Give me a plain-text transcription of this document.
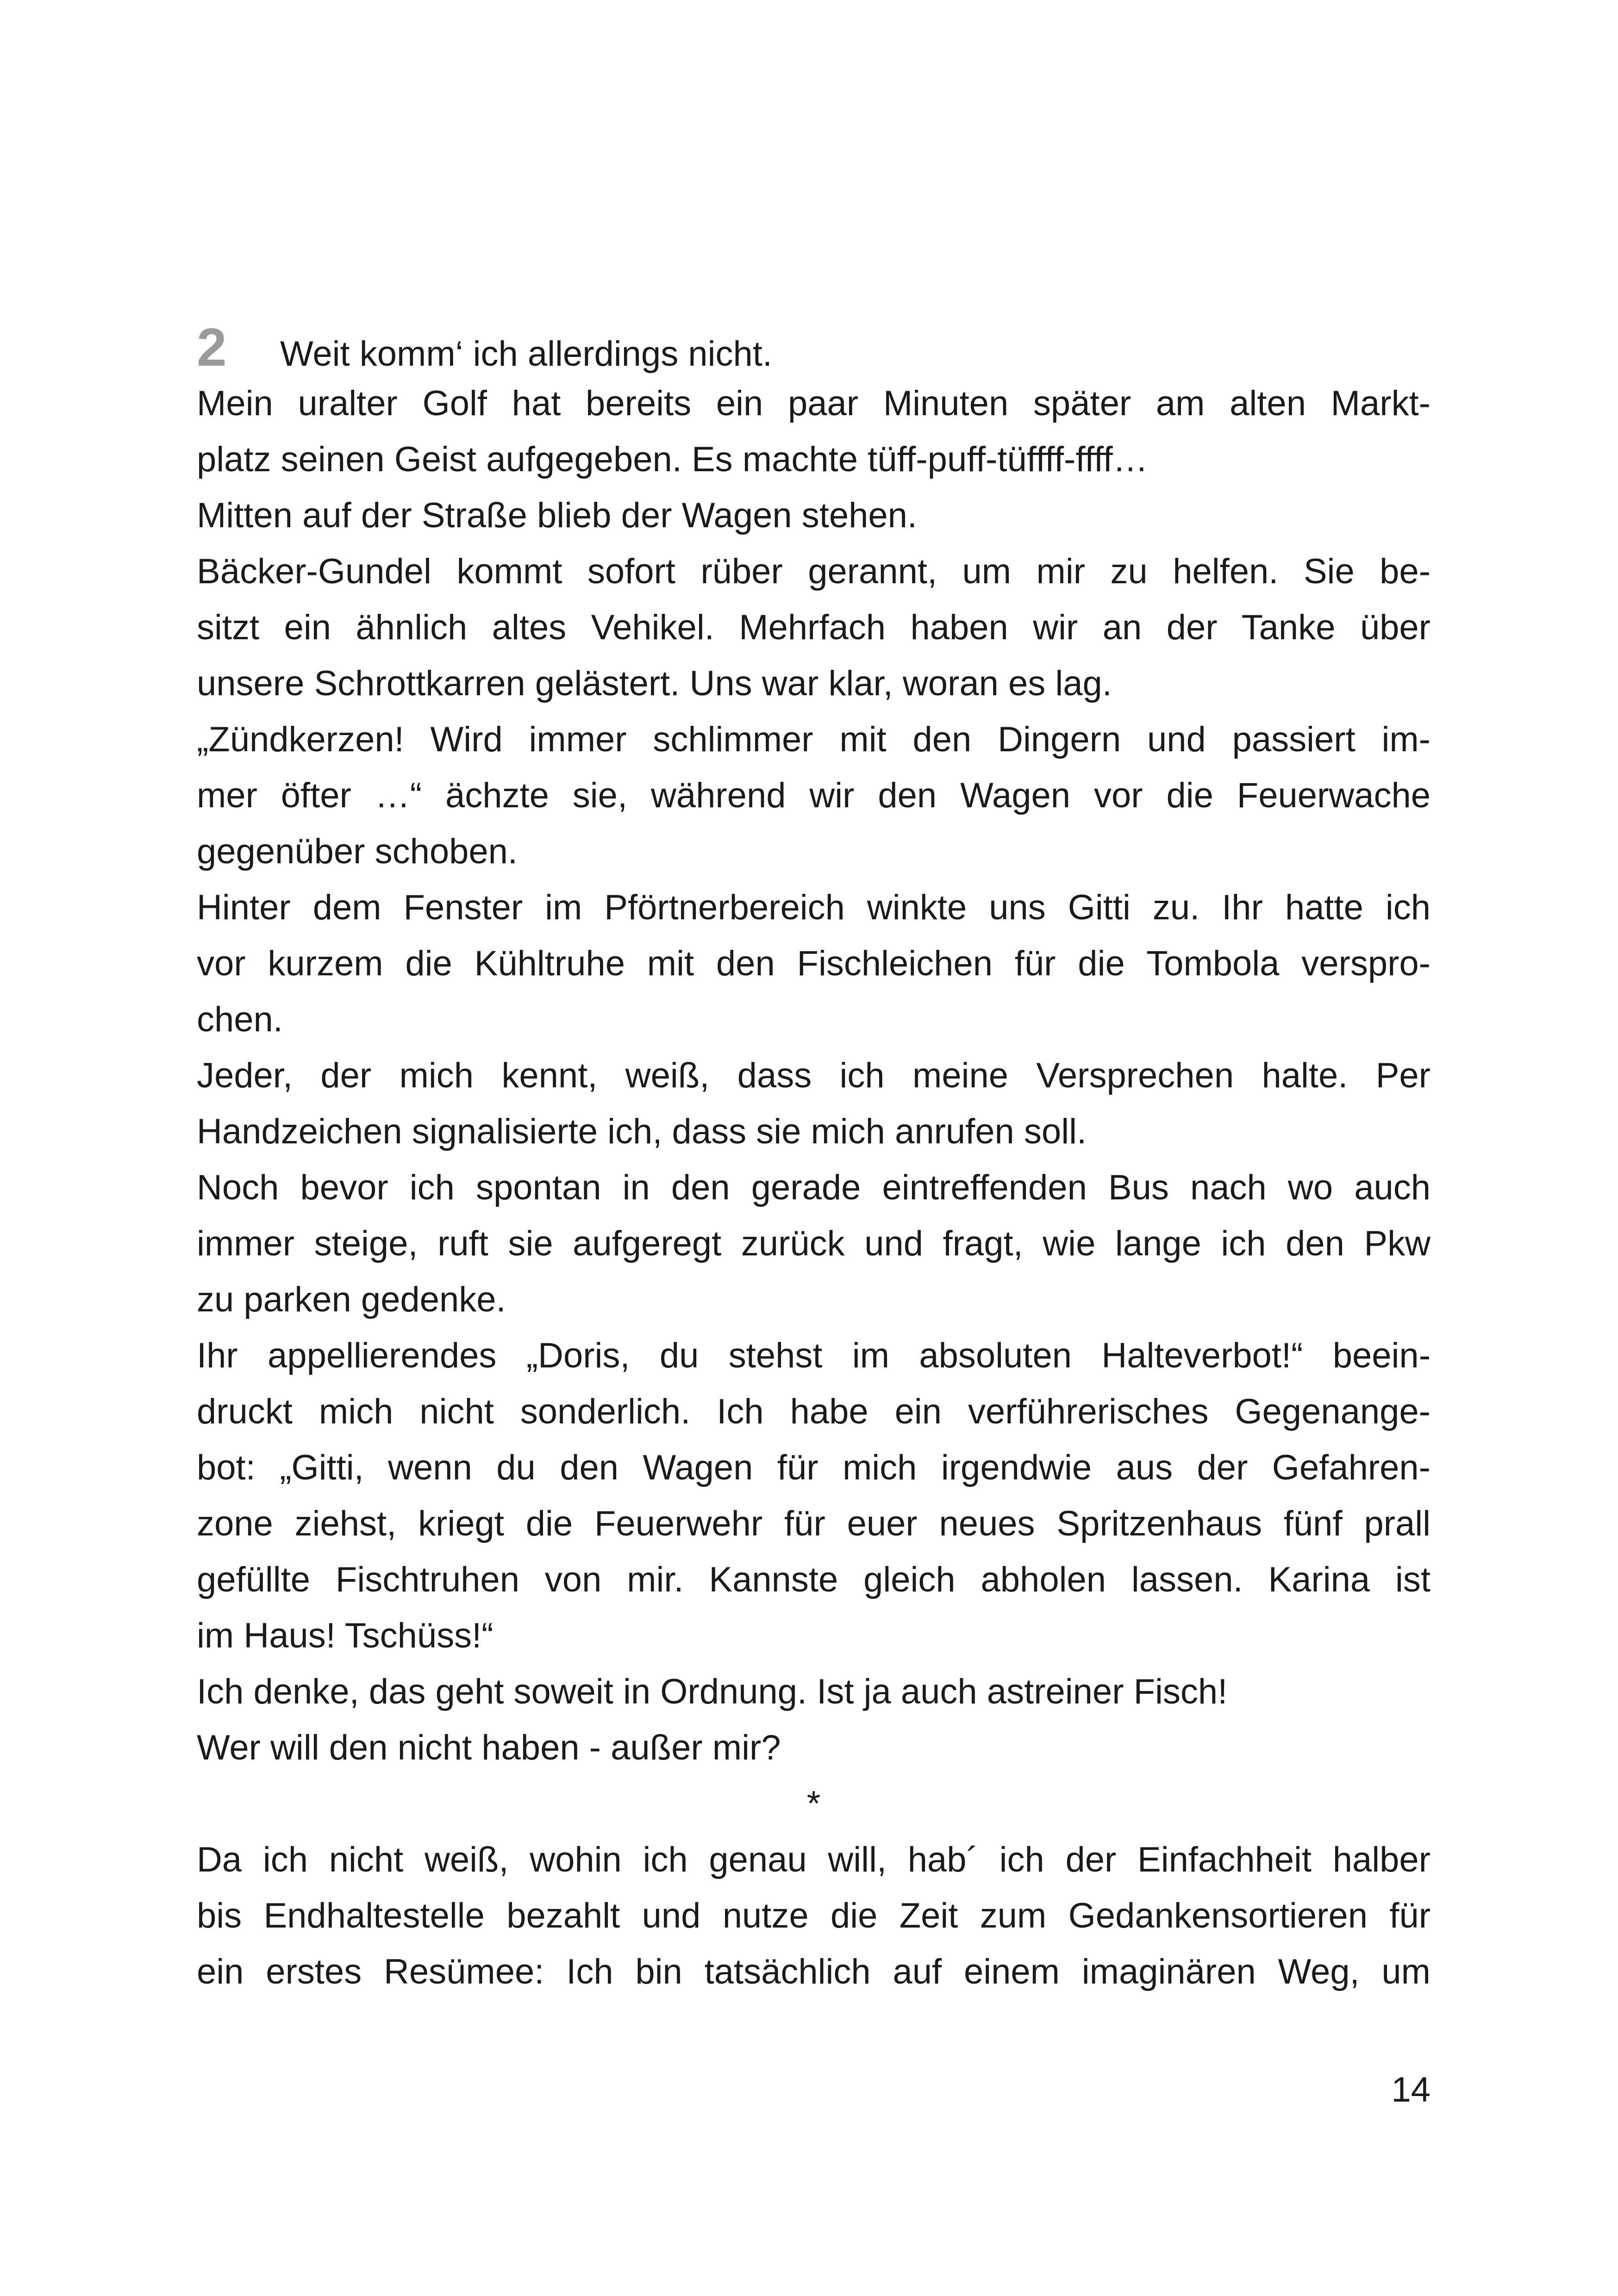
2	Weit komm‘ ich allerdings nicht.
Mein uralter Golf hat bereits ein paar Minuten später am alten Markt-
platz seinen Geist aufgegeben. Es machte tüff-puff-tüffff-ffff…
Mitten auf der Straße blieb der Wagen stehen.
Bäcker-Gundel kommt sofort rüber gerannt, um mir zu helfen. Sie be-
sitzt ein ähnlich altes Vehikel. Mehrfach haben wir an der Tanke über
unsere Schrottkarren gelästert. Uns war klar, woran es lag.
„Zündkerzen! Wird immer schlimmer mit den Dingern und passiert im-
mer öfter …“ ächzte sie, während wir den Wagen vor die Feuerwache
gegenüber schoben.
Hinter dem Fenster im Pförtnerbereich winkte uns Gitti zu. Ihr hatte ich
vor kurzem die Kühltruhe mit den Fischleichen für die Tombola verspro-
chen.
Jeder, der mich kennt, weiß, dass ich meine Versprechen halte. Per
Handzeichen signalisierte ich, dass sie mich anrufen soll.
Noch bevor ich spontan in den gerade eintreffenden Bus nach wo auch
immer steige, ruft sie aufgeregt zurück und fragt, wie lange ich den Pkw
zu parken gedenke.
Ihr appellierendes „Doris, du stehst im absoluten Halteverbot!“ beein-
druckt mich nicht sonderlich. Ich habe ein verführerisches Gegenange-
bot: „Gitti, wenn du den Wagen für mich irgendwie aus der Gefahren-
zone ziehst, kriegt die Feuerwehr für euer neues Spritzenhaus fünf prall
gefüllte Fischtruhen von mir. Kannste gleich abholen lassen. Karina ist
im Haus! Tschüss!“
Ich denke, das geht soweit in Ordnung. Ist ja auch astreiner Fisch!
Wer will den nicht haben - außer mir?
*
Da ich nicht weiß, wohin ich genau will, hab´ ich der Einfachheit halber
bis Endhaltestelle bezahlt und nutze die Zeit zum Gedankensortieren für
ein erstes Resümee: Ich bin tatsächlich auf einem imaginären Weg, um
14
